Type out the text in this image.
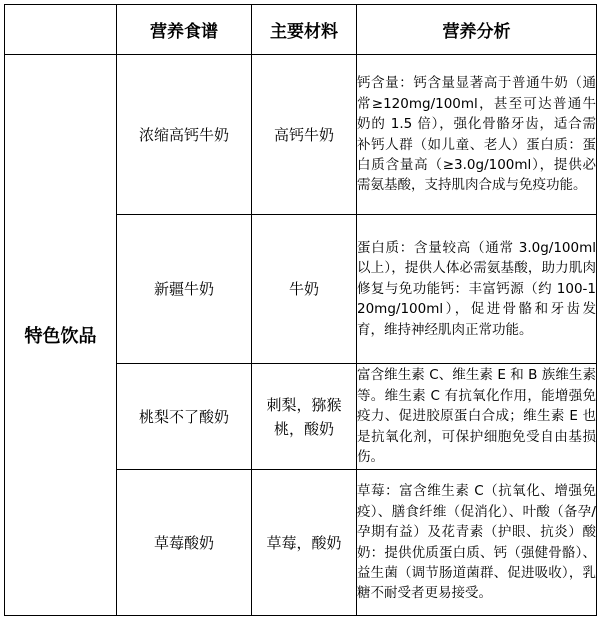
	营养食谱	主要材料	营养分析
特色饮品	浓缩高钙牛奶	高钙牛奶	钙含量：钙含量显著高于普通牛奶（通常≥120mg/100ml，甚至可达普通牛奶的 1.5 倍），强化骨骼牙齿，适合需补钙人群（如儿童、老人）蛋白质：蛋白质含量高（≥3.0g/100ml），提供必需氨基酸，支持肌肉合成与免疫功能。

	新疆牛奶	牛奶	蛋白质：含量较高（通常 3.0g/100ml 以上），提供人体必需氨基酸，助力肌肉修复与免功能钙：丰富钙源（约 100-120mg/100ml），促进骨骼和牙齿发育，维持神经肌肉正常功能。

	桃梨不了酸奶	刺梨，猕猴桃，酸奶	富含维生素 C、维生素 E 和 B 族维生素等。维生素 C 有抗氧化作用，能增强免疫力、促进胶原蛋白合成；维生素 E 也是抗氧化剂，可保护细胞免受自由基损伤。

	草莓酸奶	草莓，酸奶	草莓：富含维生素 C（抗氧化、增强免疫）、膳食纤维（促消化）、叶酸（备孕/孕期有益）及花青素（护眼、抗炎）酸奶：提供优质蛋白质、钙（强健骨骼）、益生菌（调节肠道菌群、促进吸收），乳糖不耐受者更易接受。
